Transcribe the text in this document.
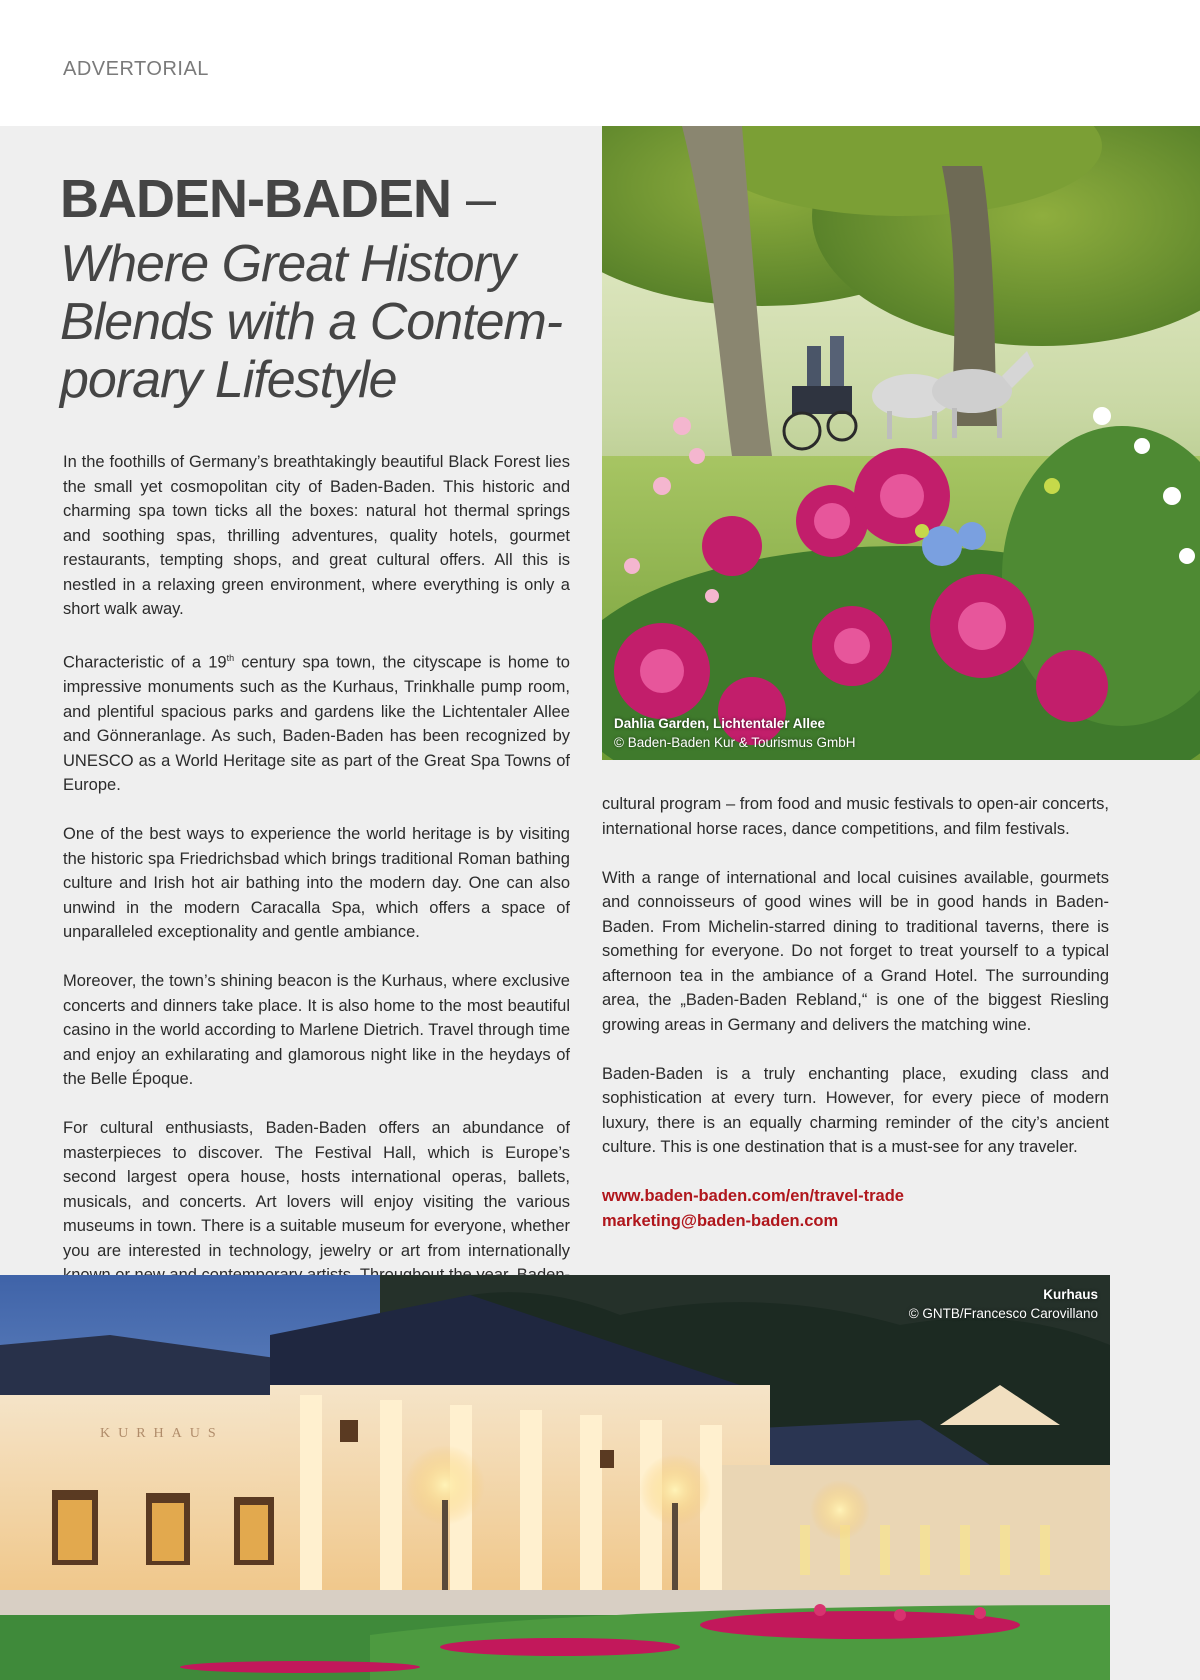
ADVERTORIAL
BADEN-BADEN –
Where Great History
Blends with a Contem-
porary Lifestyle

In the foothills of Germany’s breathtakingly beautiful Black Forest lies the small yet cosmopolitan city of Baden-Baden. This historic and charming spa town ticks all the boxes: natural hot thermal springs and soothing spas, thrilling adventures, quality hotels, gourmet restaurants, tempting shops, and great cultural offers. All this is nestled in a relaxing green environment, where everything is only a short walk away.

Characteristic of a 19th century spa town, the cityscape is home to impressive monuments such as the Kurhaus, Trinkhalle pump room, and plentiful spacious parks and gardens like the Lichtentaler Allee and Gönneranlage. As such, Baden-Baden has been recognized by UNESCO as a World Heritage site as part of the Great Spa Towns of Europe.

One of the best ways to experience the world heritage is by visiting the historic spa Friedrichsbad which brings traditional Roman bathing culture and Irish hot air bathing into the modern day. One can also unwind in the modern Caracalla Spa, which offers a space of unparalleled exceptionality and gentle ambiance.

Moreover, the town’s shining beacon is the Kurhaus, where exclusive concerts and dinners take place. It is also home to the most beautiful casino in the world according to Marlene Dietrich. Travel through time and enjoy an exhilarating and glamorous night like in the heydays of the Belle Époque.

For cultural enthusiasts, Baden-Baden offers an abundance of masterpieces to discover. The Festival Hall, which is Europe’s second largest opera house, hosts international operas, ballets, musicals, and concerts. Art lovers will enjoy visiting the various museums in town. There is a suitable museum for everyone, whether you are interested in technology, jewelry or art from internationally

Dahlia Garden, Lichtentaler Allee
© Baden-Baden Kur & Tourismus GmbH

cultural program – from food and music festivals to open-air concerts, international horse races, dance competitions, and film festivals.

With a range of international and local cuisines available, gourmets and connoisseurs of good wines will be in good hands in Baden-Baden. From Michelin-starred dining to traditional taverns, there is something for everyone. Do not forget to treat yourself to a typical afternoon tea in the ambiance of a Grand Hotel. The surrounding area, the „Baden-Baden Rebland,“ is one of the biggest Riesling growing areas in Germany and delivers the matching wine.

Baden-Baden is a truly enchanting place, exuding class and sophistication at every turn. However, for every piece of modern luxury, there is an equally charming reminder of the city’s ancient culture. This is one destination that is a must-see for any traveler.

www.baden-baden.com/en/travel-trade
marketing@baden-baden.com
KURHAUS
Kurhaus
© GNTB/Francesco Carovillano
